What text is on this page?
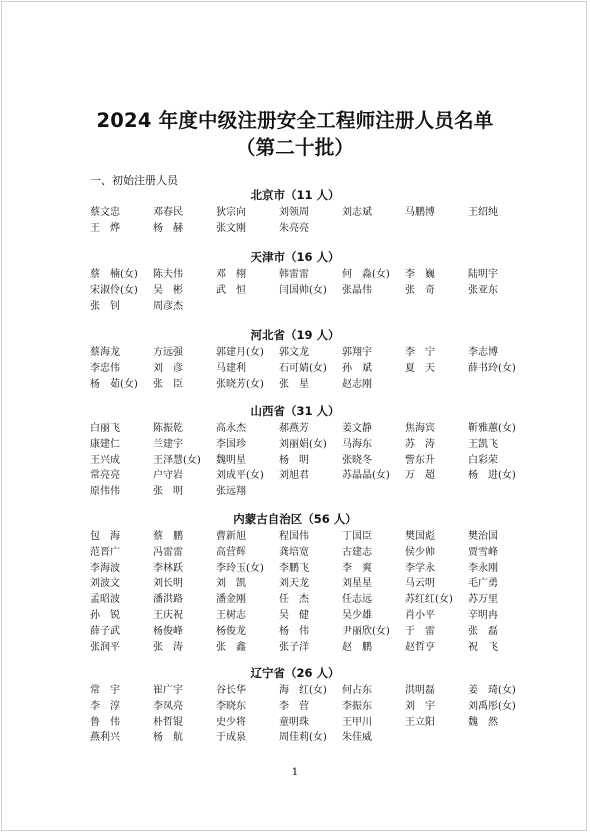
2024 年度中级注册安全工程师注册人员名单
（第二十批）

一、初始注册人员

北京市（11 人）
蔡文忠	邓春民	狄宗向	刘领周	刘志斌	马鹏博	王绍纯
王　烨	杨　赫	张文刚	朱亮亮
天津市（16 人）
蔡　楠(女)	陈夫伟	邓　栩	韩雷雷	何　淼(女)	李　巍	陆明宇
宋淑伶(女)	吴　彬	武　恒	闫国帅(女)	张晶伟	张　奇	张亚东
张　钊	周彦杰
河北省（19 人）
蔡海龙	方远强	郭建月(女)	郭文龙	郭翔宇	李　宁	李志博
李忠伟	刘　彦	马建利	石可婧(女)	孙　斌	夏　天	薛书玲(女)
杨　茹(女)	张　臣	张晓芳(女)	张　星	赵志刚
山西省（31 人）
白丽飞	陈振乾	高永杰	郝燕芳	姜文静	焦海宾	靳雅蕙(女)
康建仁	兰建宇	李国珍	刘丽娟(女)	马海东	苏　涛	王凯飞
王兴成	王泽慧(女)	魏明星	杨　明	张晓冬	訾东升	白彩荣
常亮亮	户守岩	刘成平(女)	刘旭君	苏晶晶(女)	万　超	杨　进(女)
原伟伟	张　明	张远翔
内蒙古自治区（56 人）
包　海	蔡　鹏	曹新旭	程国伟	丁国臣	樊国彪	樊治国
范晋广	冯雷雷	高营辉	龚培宽	古建志	侯少帅	贾雪峰
李海波	李林跃	李玲玉(女)	李鹏飞	李　爽	李学永	李永刚
刘波文	刘长明	刘　凯	刘天龙	刘星星	马云明	毛广勇
孟昭波	潘洪路	潘金刚	任　杰	任志远	苏红红(女)	苏万里
孙　锐	王庆祝	王树志	吴　健	吴少雄	肖小平	辛明冉
薛子武	杨俊峰	杨俊龙	杨　伟	尹丽欣(女)	于　雷	张　磊
张润平	张　涛	张　鑫	张子洋	赵　鹏	赵哲亨	祝　飞
辽宁省（26 人）
常　宇	崔广宇	谷长华	海　红(女)	何占东	洪明磊	姜　琦(女)
李　淳	李凤亮	李晓东	李　营	李振东	刘　宇	刘禹彤(女)
鲁　伟	朴哲锟	史少将	童明珠	王甲川	王立阳	魏　然
燕利兴	杨　航	于成泉	周佳莉(女)	朱佳威

1
